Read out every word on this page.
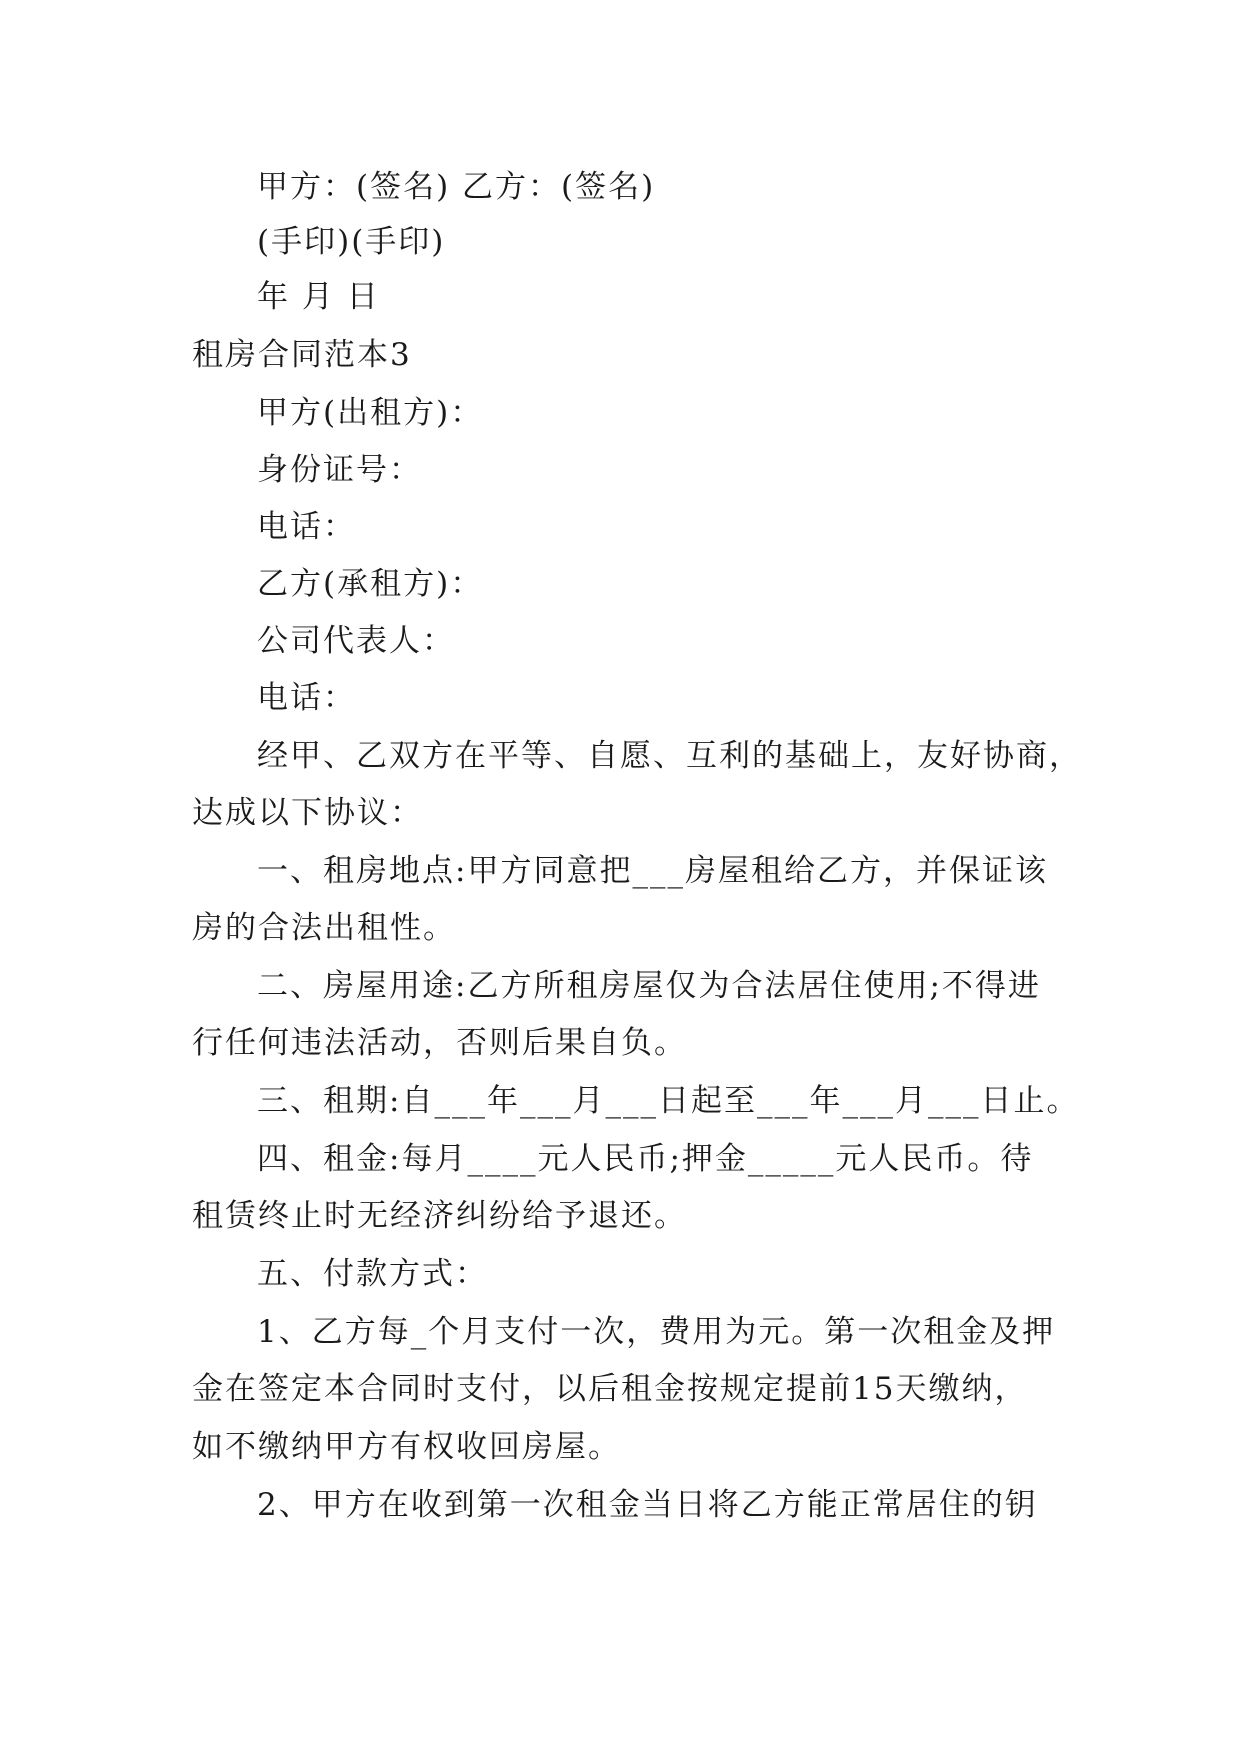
甲方：(签名) 乙方：(签名)
(手印)(手印)
年 月 日
租房合同范本3
甲方(出租方)：
身份证号：
电话：
乙方(承租方)：
公司代表人：
电话：
经甲、乙双方在平等、自愿、互利的基础上，友好协商，
达成以下协议：
一、租房地点:甲方同意把___房屋租给乙方，并保证该
房的合法出租性。
二、房屋用途:乙方所租房屋仅为合法居住使用;不得进
行任何违法活动，否则后果自负。
三、租期:自___年___月___日起至___年___月___日止。
四、租金:每月____元人民币;押金_____元人民币。待
租赁终止时无经济纠纷给予退还。
五、付款方式：
1、乙方每_个月支付一次，费用为元。第一次租金及押
金在签定本合同时支付，以后租金按规定提前15天缴纳，
如不缴纳甲方有权收回房屋。
2、甲方在收到第一次租金当日将乙方能正常居住的钥
